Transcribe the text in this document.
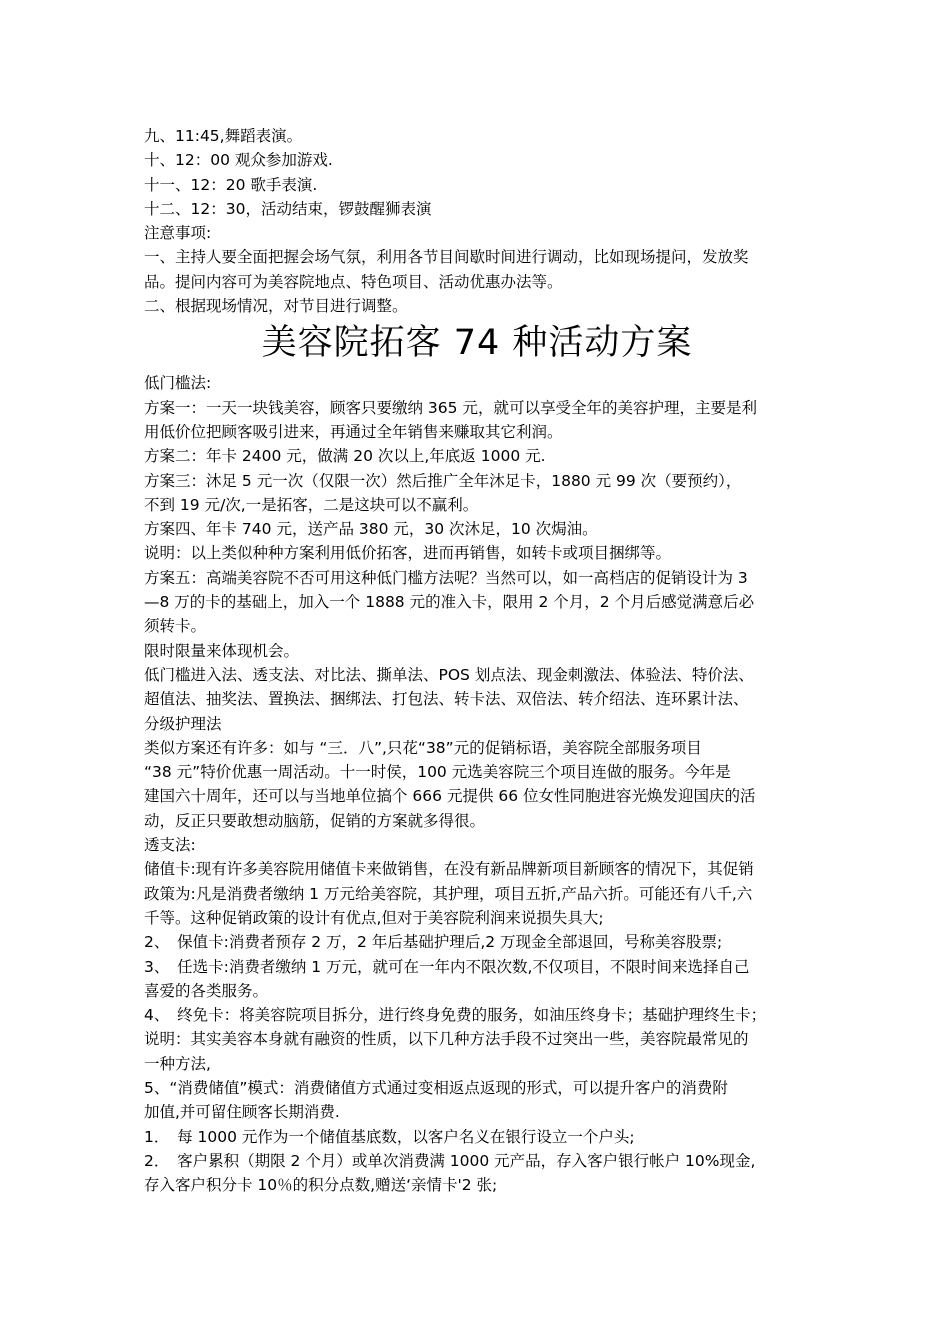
九、11:45,舞蹈表演。
十、12：00 观众参加游戏.
十一、12：20 歌手表演.
十二、12：30，活动结束，锣鼓醒狮表演
注意事项:
一、主持人要全面把握会场气氛，利用各节目间歇时间进行调动，比如现场提问，发放奖
品。提问内容可为美容院地点、特色项目、活动优惠办法等。
二、根据现场情况，对节目进行调整。
美容院拓客 74 种活动方案
低门槛法:
方案一：一天一块钱美容，顾客只要缴纳 365 元，就可以享受全年的美容护理，主要是利
用低价位把顾客吸引进来，再通过全年销售来赚取其它利润。
方案二：年卡 2400 元，做满 20 次以上,年底返 1000 元.
方案三：沐足 5 元一次（仅限一次）然后推广全年沐足卡，1880 元 99 次（要预约），
不到 19 元/次,一是拓客，二是这块可以不赢利。
方案四、年卡 740 元，送产品 380 元，30 次沐足，10 次焗油。
说明：以上类似种种方案利用低价拓客，进而再销售，如转卡或项目捆绑等。
方案五：高端美容院不否可用这种低门槛方法呢？当然可以，如一高档店的促销设计为 3
—8 万的卡的基础上，加入一个 1888 元的准入卡，限用 2 个月，2 个月后感觉满意后必
须转卡。
限时限量来体现机会。
低门槛进入法、透支法、对比法、撕单法、POS 划点法、现金刺激法、体验法、特价法、
超值法、抽奖法、置换法、捆绑法、打包法、转卡法、双倍法、转介绍法、连环累计法、
分级护理法
类似方案还有许多：如与 “三．八”,只花“38”元的促销标语，美容院全部服务项目
“38 元”特价优惠一周活动。十一时侯，100 元选美容院三个项目连做的服务。今年是
建国六十周年，还可以与当地单位搞个 666 元提供 66 位女性同胞进容光焕发迎国庆的活
动，反正只要敢想动脑筋，促销的方案就多得很。
透支法:
储值卡:现有许多美容院用储值卡来做销售，在没有新品牌新项目新顾客的情况下，其促销
政策为:凡是消费者缴纳 1 万元给美容院，其护理，项目五折,产品六折。可能还有八千,六
千等。这种促销政策的设计有优点,但对于美容院利润来说损失具大;
2、　保值卡:消费者预存 2 万，2 年后基础护理后,2 万现金全部退回，号称美容股票;
3、　任选卡:消费者缴纳 1 万元，就可在一年内不限次数,不仅项目，不限时间来选择自己
喜爱的各类服务。
4、　终免卡：将美容院项目拆分，进行终身免费的服务，如油压终身卡；基础护理终生卡；
说明：其实美容本身就有融资的性质，以下几种方法手段不过突出一些，美容院最常见的
一种方法,
5、“消费储值”模式：消费储值方式通过变相返点返现的形式，可以提升客户的消费附
加值,并可留住顾客长期消费.
1．　每 1000 元作为一个储值基底数，以客户名义在银行设立一个户头;
2．　客户累积（期限 2 个月）或单次消费满 1000 元产品，存入客户银行帐户 10%现金,
存入客户积分卡 10％的积分点数,赠送‘亲情卡'2 张;
